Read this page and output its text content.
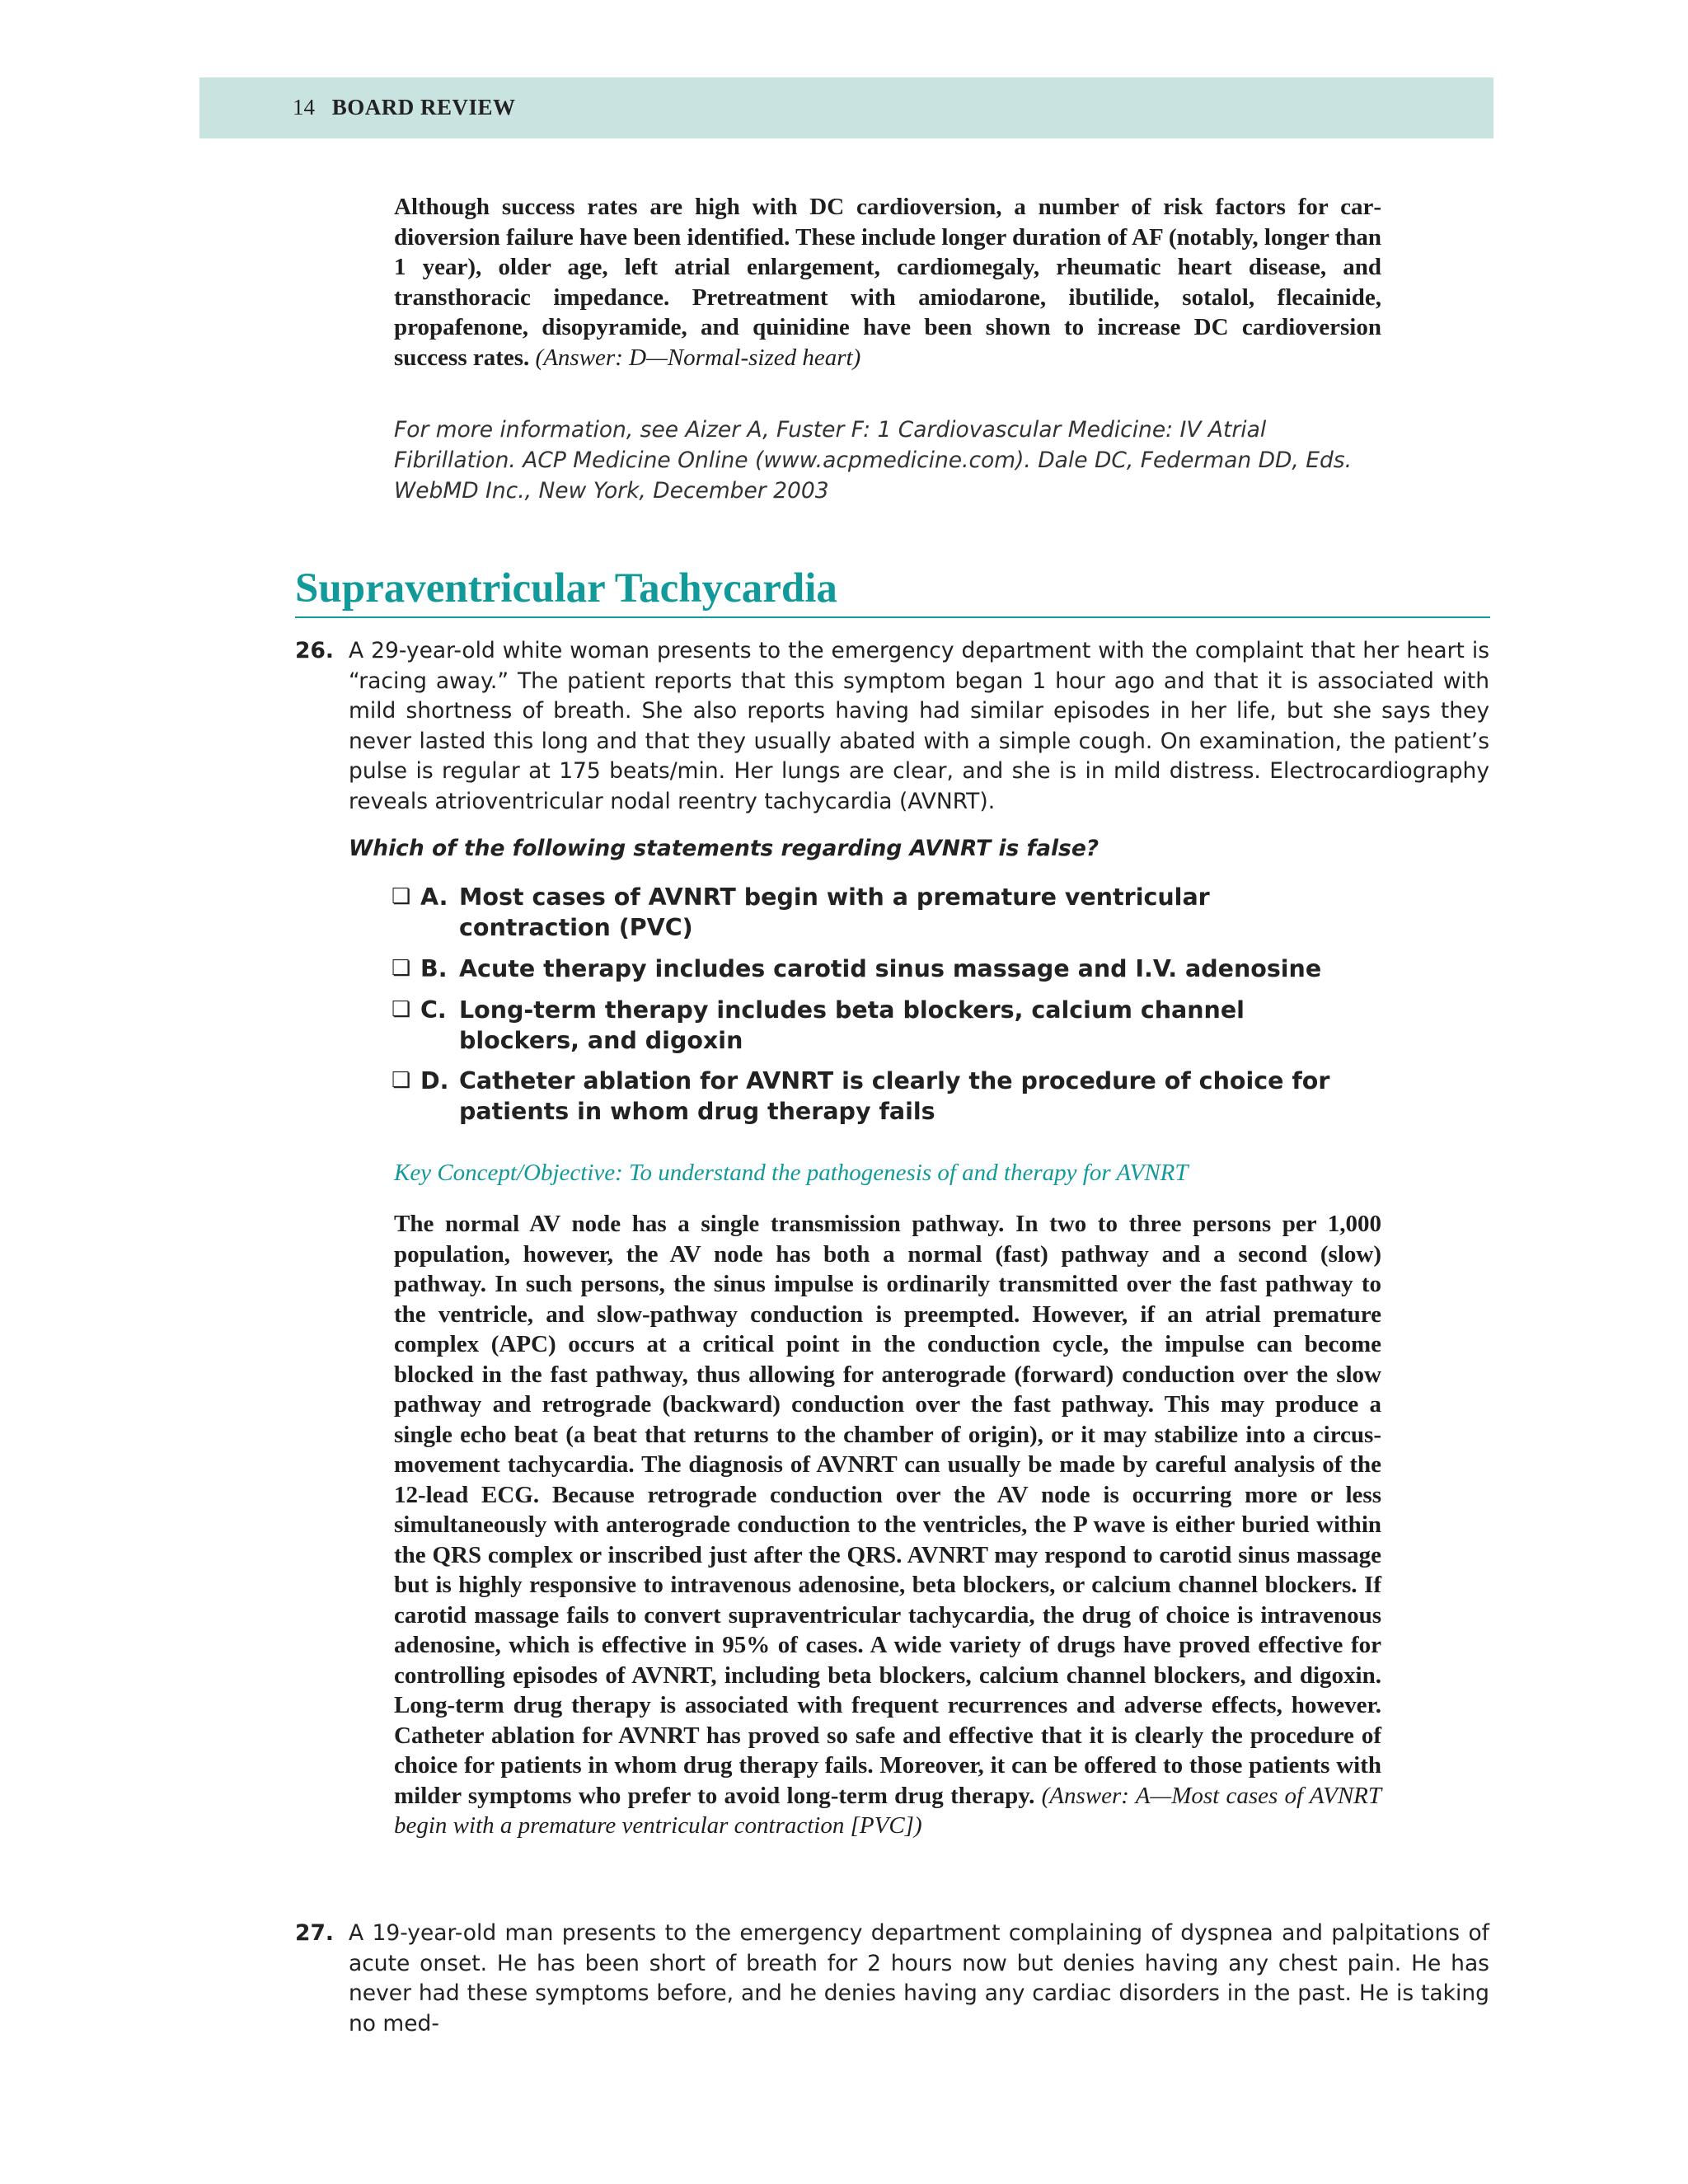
14 BOARD REVIEW
Although success rates are high with DC cardioversion, a number of risk factors for cardioversion failure have been identified. These include longer duration of AF (notably, longer than 1 year), older age, left atrial enlargement, cardiomegaly, rheumatic heart disease, and transthoracic impedance. Pretreatment with amiodarone, ibutilide, sotalol, flecainide, propafenone, disopyramide, and quinidine have been shown to increase DC cardioversion success rates. (Answer: D—Normal-sized heart)
For more information, see Aizer A, Fuster F: 1 Cardiovascular Medicine: IV Atrial Fibrillation. ACP Medicine Online (www.acpmedicine.com). Dale DC, Federman DD, Eds. WebMD Inc., New York, December 2003
Supraventricular Tachycardia
26. A 29-year-old white woman presents to the emergency department with the complaint that her heart is “racing away.” The patient reports that this symptom began 1 hour ago and that it is associated with mild shortness of breath. She also reports having had similar episodes in her life, but she says they never lasted this long and that they usually abated with a simple cough. On examination, the patient’s pulse is regular at 175 beats/min. Her lungs are clear, and she is in mild distress. Electrocardiography reveals atrioventricular nodal reentry tachycardia (AVNRT).
Which of the following statements regarding AVNRT is false?
❏ A. Most cases of AVNRT begin with a premature ventricular contraction (PVC)
❏ B. Acute therapy includes carotid sinus massage and I.V. adenosine
❏ C. Long-term therapy includes beta blockers, calcium channel blockers, and digoxin
❏ D. Catheter ablation for AVNRT is clearly the procedure of choice for patients in whom drug therapy fails
Key Concept/Objective: To understand the pathogenesis of and therapy for AVNRT
The normal AV node has a single transmission pathway. In two to three persons per 1,000 population, however, the AV node has both a normal (fast) pathway and a second (slow) pathway. In such persons, the sinus impulse is ordinarily transmitted over the fast pathway to the ventricle, and slow-pathway conduction is preempted. However, if an atrial premature complex (APC) occurs at a critical point in the conduction cycle, the impulse can become blocked in the fast pathway, thus allowing for anterograde (forward) conduction over the slow pathway and retrograde (backward) conduction over the fast pathway. This may produce a single echo beat (a beat that returns to the chamber of origin), or it may stabilize into a circus-movement tachycardia. The diagnosis of AVNRT can usually be made by careful analysis of the 12-lead ECG. Because retrograde conduction over the AV node is occurring more or less simultaneously with anterograde conduction to the ventricles, the P wave is either buried within the QRS complex or inscribed just after the QRS. AVNRT may respond to carotid sinus massage but is highly responsive to intravenous adenosine, beta blockers, or calcium channel blockers. If carotid massage fails to convert supraventricular tachycardia, the drug of choice is intravenous adenosine, which is effective in 95% of cases. A wide variety of drugs have proved effective for controlling episodes of AVNRT, including beta blockers, calcium channel blockers, and digoxin. Long-term drug therapy is associated with frequent recurrences and adverse effects, however. Catheter ablation for AVNRT has proved so safe and effective that it is clearly the procedure of choice for patients in whom drug therapy fails. Moreover, it can be offered to those patients with milder symptoms who prefer to avoid long-term drug therapy. (Answer: A—Most cases of AVNRT begin with a premature ventricular contraction [PVC])
27. A 19-year-old man presents to the emergency department complaining of dyspnea and palpitations of acute onset. He has been short of breath for 2 hours now but denies having any chest pain. He has never had these symptoms before, and he denies having any cardiac disorders in the past. He is taking no med-
